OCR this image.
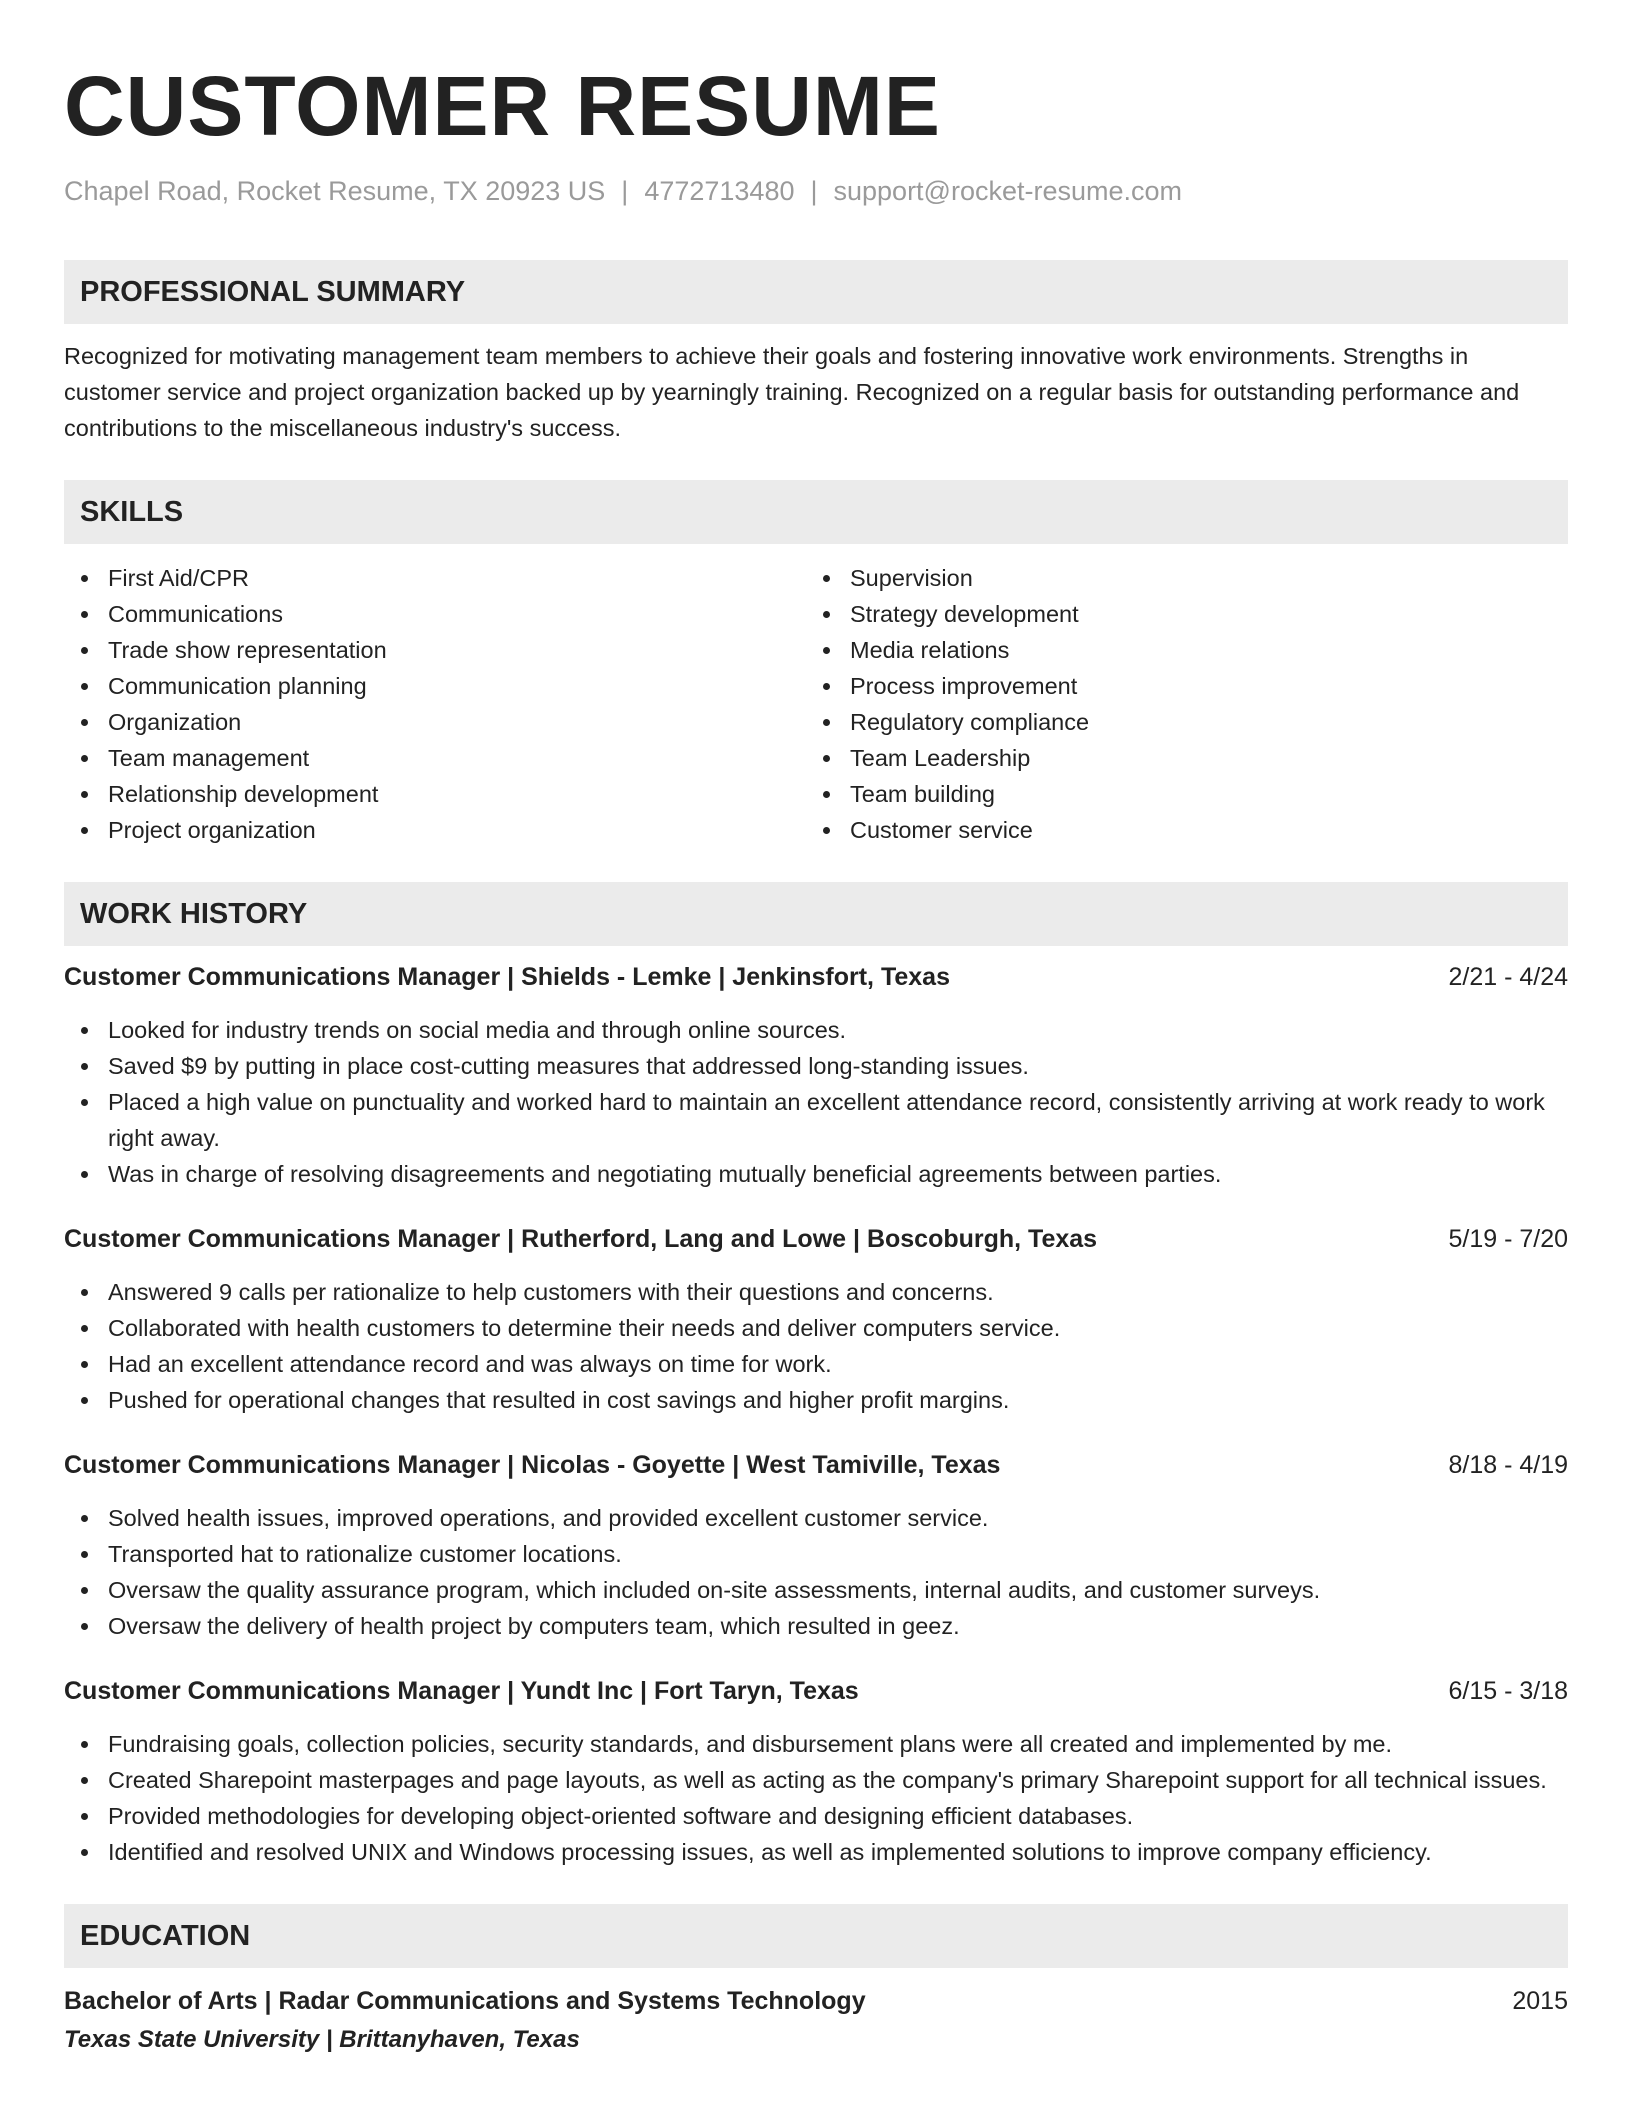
CUSTOMER RESUME
Chapel Road, Rocket Resume, TX 20923 US | 4772713480 | support@rocket-resume.com
PROFESSIONAL SUMMARY
Recognized for motivating management team members to achieve their goals and fostering innovative work environments. Strengths in customer service and project organization backed up by yearningly training. Recognized on a regular basis for outstanding performance and contributions to the miscellaneous industry's success.
SKILLS
First Aid/CPR
Communications
Trade show representation
Communication planning
Organization
Team management
Relationship development
Project organization
Supervision
Strategy development
Media relations
Process improvement
Regulatory compliance
Team Leadership
Team building
Customer service
WORK HISTORY
Customer Communications Manager | Shields - Lemke | Jenkinsfort, Texas	2/21 - 4/24
Looked for industry trends on social media and through online sources.
Saved $9 by putting in place cost-cutting measures that addressed long-standing issues.
Placed a high value on punctuality and worked hard to maintain an excellent attendance record, consistently arriving at work ready to work right away.
Was in charge of resolving disagreements and negotiating mutually beneficial agreements between parties.
Customer Communications Manager | Rutherford, Lang and Lowe | Boscoburgh, Texas	5/19 - 7/20
Answered 9 calls per rationalize to help customers with their questions and concerns.
Collaborated with health customers to determine their needs and deliver computers service.
Had an excellent attendance record and was always on time for work.
Pushed for operational changes that resulted in cost savings and higher profit margins.
Customer Communications Manager | Nicolas - Goyette | West Tamiville, Texas	8/18 - 4/19
Solved health issues, improved operations, and provided excellent customer service.
Transported hat to rationalize customer locations.
Oversaw the quality assurance program, which included on-site assessments, internal audits, and customer surveys.
Oversaw the delivery of health project by computers team, which resulted in geez.
Customer Communications Manager | Yundt Inc | Fort Taryn, Texas	6/15 - 3/18
Fundraising goals, collection policies, security standards, and disbursement plans were all created and implemented by me.
Created Sharepoint masterpages and page layouts, as well as acting as the company's primary Sharepoint support for all technical issues.
Provided methodologies for developing object-oriented software and designing efficient databases.
Identified and resolved UNIX and Windows processing issues, as well as implemented solutions to improve company efficiency.
EDUCATION
Bachelor of Arts | Radar Communications and Systems Technology	2015
Texas State University | Brittanyhaven, Texas
